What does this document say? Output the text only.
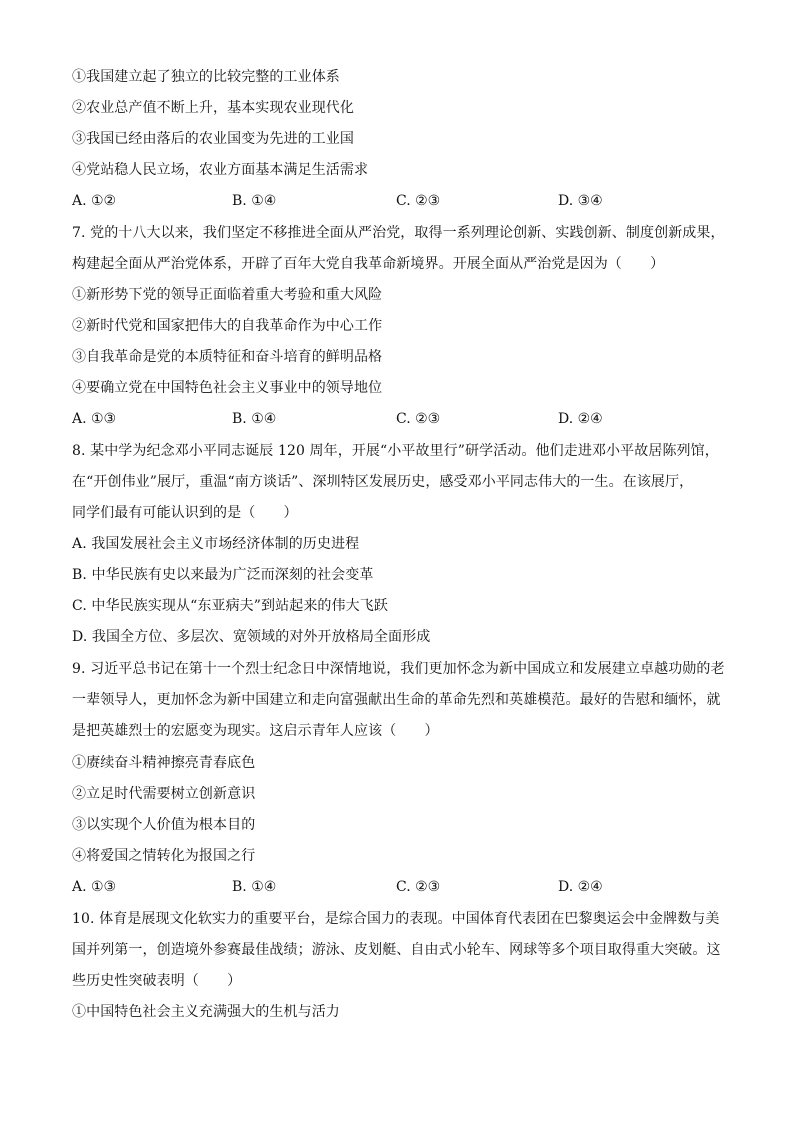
①我国建立起了独立的比较完整的工业体系
②农业总产值不断上升，基本实现农业现代化
③我国已经由落后的农业国变为先进的工业国
④党站稳人民立场，农业方面基本满足生活需求
A. ①②	B. ①④	C. ②③	D. ③④
7. 党的十八大以来，我们坚定不移推进全面从严治党，取得一系列理论创新、实践创新、制度创新成果，
构建起全面从严治党体系，开辟了百年大党自我革命新境界。开展全面从严治党是因为（　　）
①新形势下党的领导正面临着重大考验和重大风险
②新时代党和国家把伟大的自我革命作为中心工作
③自我革命是党的本质特征和奋斗培育的鲜明品格
④要确立党在中国特色社会主义事业中的领导地位
A. ①③	B. ①④	C. ②③	D. ②④
8. 某中学为纪念邓小平同志诞辰 120 周年，开展“小平故里行”研学活动。他们走进邓小平故居陈列馆，
在“开创伟业”展厅，重温“南方谈话”、深圳特区发展历史，感受邓小平同志伟大的一生。在该展厅，
同学们最有可能认识到的是（　　）
A. 我国发展社会主义市场经济体制的历史进程
B. 中华民族有史以来最为广泛而深刻的社会变革
C. 中华民族实现从“东亚病夫”到站起来的伟大飞跃
D. 我国全方位、多层次、宽领域的对外开放格局全面形成
9. 习近平总书记在第十一个烈士纪念日中深情地说，我们更加怀念为新中国成立和发展建立卓越功勋的老
一辈领导人，更加怀念为新中国建立和走向富强献出生命的革命先烈和英雄模范。最好的告慰和缅怀，就
是把英雄烈士的宏愿变为现实。这启示青年人应该（　　）
①赓续奋斗精神擦亮青春底色
②立足时代需要树立创新意识
③以实现个人价值为根本目的
④将爱国之情转化为报国之行
A. ①③	B. ①④	C. ②③	D. ②④
10. 体育是展现文化软实力的重要平台，是综合国力的表现。中国体育代表团在巴黎奥运会中金牌数与美
国并列第一，创造境外参赛最佳战绩；游泳、皮划艇、自由式小轮车、网球等多个项目取得重大突破。这
些历史性突破表明（　　）
①中国特色社会主义充满强大的生机与活力
